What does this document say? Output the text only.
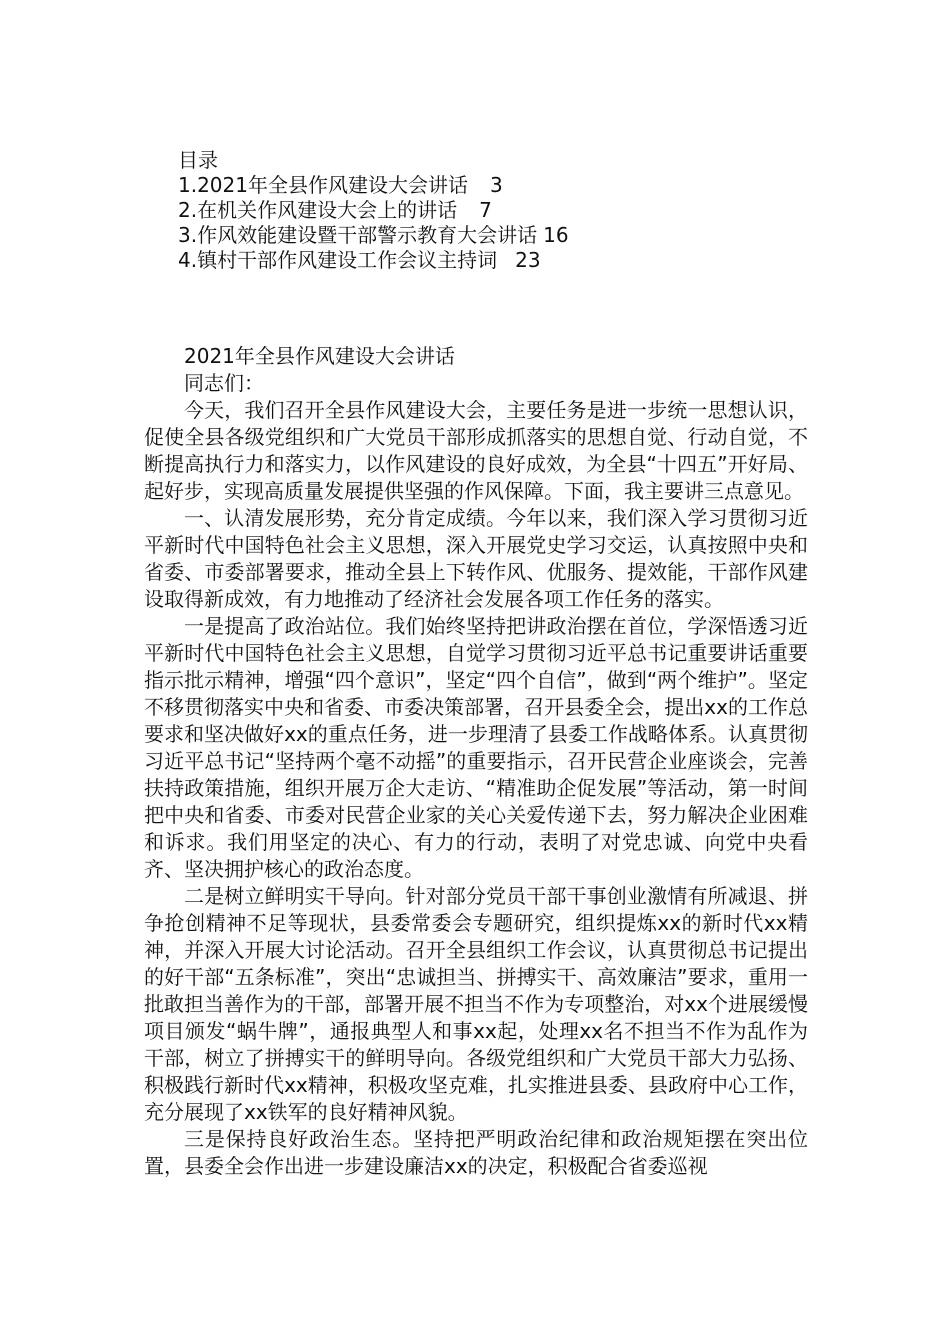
目录
1.2021年全县作风建设大会讲话 3
2.在机关作风建设大会上的讲话 7
3.作风效能建设暨干部警示教育大会讲话 16
4.镇村干部作风建设工作会议主持词 23

2021年全县作风建设大会讲话

同志们：

今天，我们召开全县作风建设大会，主要任务是进一步统一思想认识，促使全县各级党组织和广大党员干部形成抓落实的思想自觉、行动自觉，不断提高执行力和落实力，以作风建设的良好成效，为全县“十四五”开好局、起好步，实现高质量发展提供坚强的作风保障。下面，我主要讲三点意见。

一、认清发展形势，充分肯定成绩。今年以来，我们深入学习贯彻习近平新时代中国特色社会主义思想，深入开展党史学习交运，认真按照中央和省委、市委部署要求，推动全县上下转作风、优服务、提效能，干部作风建设取得新成效，有力地推动了经济社会发展各项工作任务的落实。

一是提高了政治站位。我们始终坚持把讲政治摆在首位，学深悟透习近平新时代中国特色社会主义思想，自觉学习贯彻习近平总书记重要讲话重要指示批示精神，增强“四个意识”，坚定“四个自信”，做到“两个维护”。坚定不移贯彻落实中央和省委、市委决策部署，召开县委全会，提出xx的工作总要求和坚决做好xx的重点任务，进一步理清了县委工作战略体系。认真贯彻习近平总书记“坚持两个毫不动摇”的重要指示，召开民营企业座谈会，完善扶持政策措施，组织开展万企大走访、“精准助企促发展”等活动，第一时间把中央和省委、市委对民营企业家的关心关爱传递下去，努力解决企业困难和诉求。我们用坚定的决心、有力的行动，表明了对党忠诚、向党中央看齐、坚决拥护核心的政治态度。

二是树立鲜明实干导向。针对部分党员干部干事创业激情有所减退、拼争抢创精神不足等现状，县委常委会专题研究，组织提炼xx的新时代xx精神，并深入开展大讨论活动。召开全县组织工作会议，认真贯彻总书记提出的好干部“五条标准”，突出“忠诚担当、拼搏实干、高效廉洁”要求，重用一批敢担当善作为的干部，部署开展不担当不作为专项整治，对xx个进展缓慢项目颁发“蜗牛牌”，通报典型人和事xx起，处理xx名不担当不作为乱作为干部，树立了拼搏实干的鲜明导向。各级党组织和广大党员干部大力弘扬、积极践行新时代xx精神，积极攻坚克难，扎实推进县委、县政府中心工作，充分展现了xx铁军的良好精神风貌。

三是保持良好政治生态。坚持把严明政治纪律和政治规矩摆在突出位置，县委全会作出进一步建设廉洁xx的决定，积极配合省委巡视
